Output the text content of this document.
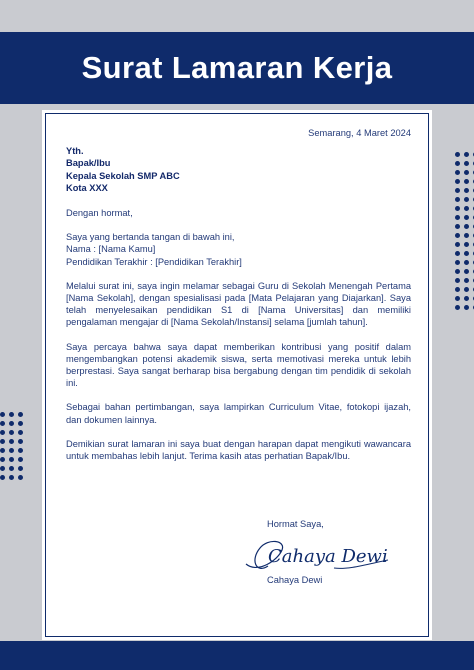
Surat Lamaran Kerja

Semarang, 4 Maret 2024

Yth.

Bapak/Ibu

Kepala Sekolah SMP ABC

Kota XXX

Dengan hormat,

Saya yang bertanda tangan di bawah ini,

Nama : [Nama Kamu]

Pendidikan Terakhir : [Pendidikan Terakhir]

Melalui surat ini, saya ingin melamar sebagai Guru di Sekolah Menengah Pertama [Nama Sekolah], dengan spesialisasi pada [Mata Pelajaran yang Diajarkan]. Saya telah menyelesaikan pendidikan S1 di [Nama Universitas] dan memiliki pengalaman mengajar di [Nama Sekolah/Instansi] selama [jumlah tahun].

Saya percaya bahwa saya dapat memberikan kontribusi yang positif dalam mengembangkan potensi akademik siswa, serta memotivasi mereka untuk lebih berprestasi. Saya sangat berharap bisa bergabung dengan tim pendidik di sekolah ini.

Sebagai bahan pertimbangan, saya lampirkan Curriculum Vitae, fotokopi ijazah, dan dokumen lainnya.

Demikian surat lamaran ini saya buat dengan harapan dapat mengikuti wawancara untuk membahas lebih lanjut. Terima kasih atas perhatian Bapak/Ibu.

Hormat Saya,
Cahaya Dewi
Cahaya Dewi
